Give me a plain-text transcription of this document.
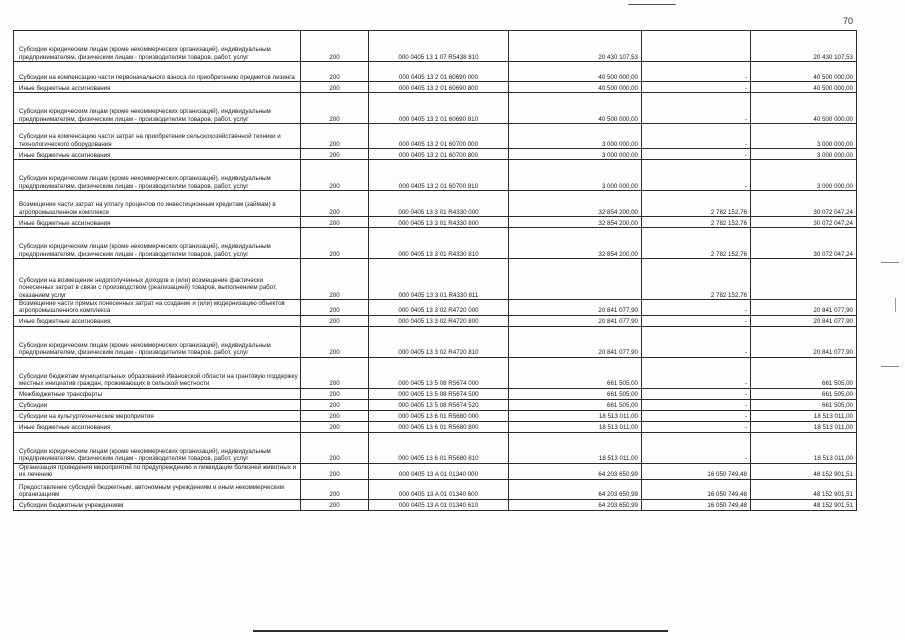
70
Субсидии юридическим лицам (кроме некоммерческих организаций), индивидуальным предпринимателям, физическим лицам - производителям товаров, работ, услуг	200	000 0405 13 1 07 R5438 810	20 430 107,53		20 430 107,53
Субсидии на компенсацию части первоначального взноса по приобретению предметов лизинга	200	000 0405 13 2 01 60690 000	40 500 000,00	-	40 500 000,00
Иные бюджетные ассигнования	200	000 0405 13 2 01 60690 800	40 500 000,00	-	40 500 000,00
Субсидии юридическим лицам (кроме некоммерческих организаций), индивидуальным предпринимателям, физическим лицам - производителям товаров, работ, услуг	200	000 0405 13 2 01 60690 810	40 500 000,00	-	40 500 000,00
Субсидии на компенсацию части затрат на приобретение сельскохозяйственной техники и технологического оборудования	200	000 0405 13 2 01 60700 000	3 000 000,00	-	3 000 000,00
Иные бюджетные ассигнования	200	000 0405 13 2 01 60700 800	3 000 000,00	-	3 000 000,00
Субсидии юридическим лицам (кроме некоммерческих организаций), индивидуальным предпринимателям, физическим лицам - производителям товаров, работ, услуг	200	000 0405 13 2 01 60700 810	3 000 000,00	-	3 000 000,00
Возмещение части затрат на уплату процентов по инвестиционным кредитам (займам) в агропромышленном комплексе	200	000 0405 13 3 01 R4330 000	32 854 200,00	2 782 152,76	30 072 047,24
Иные бюджетные ассигнования	200	000 0405 13 3 01 R4330 800	32 854 200,00	2 782 152,76	30 072 047,24
Субсидии юридическим лицам (кроме некоммерческих организаций), индивидуальным предпринимателям, физическим лицам - производителям товаров, работ, услуг	200	000 0405 13 3 01 R4330 810	32 854 200,00	2 782 152,76	30 072 047,24
Субсидии на возмещение недополученных доходов и (или) возмещение фактически понесенных затрат в связи с производством (реализацией) товаров, выполнением работ, оказанием услуг	200	000 0405 13 3 01 R4330 811		2 782 152,76	
Возмещение части прямых понесенных затрат на создание и (или) модернизацию объектов агропромышленного комплекса	200	000 0405 13 3 02 R4720 000	20 841 077,90	-	20 841 077,90
Иные бюджетные ассигнования	200	000 0405 13 3 02 R4720 800	20 841 077,90	-	20 841 077,90
Субсидии юридическим лицам (кроме некоммерческих организаций), индивидуальным предпринимателям, физическим лицам - производителям товаров, работ, услуг	200	000 0405 13 3 02 R4720 810	20 841 077,90	-	20 841 077,90
Субсидии бюджетам муниципальных образований Ивановской области на грантовую поддержку местных инициатив граждан, проживающих в сельской местности	200	000 0405 13 5 08 R5674 000	661 505,00	-	661 505,00
Межбюджетные трансферты	200	000 0405 13 5 08 R5674 500	661 505,00	-	661 505,00
Субсидии	200	000 0405 13 5 08 R5674 520	661 505,00	-	661 505,00
Субсидии на культуртехнические мероприятия	200	000 0405 13 6 01 R5680 000	18 513 011,00	-	18 513 011,00
Иные бюджетные ассигнования	200	000 0405 13 6 01 R5680 800	18 513 011,00	-	18 513 011,00
Субсидии юридическим лицам (кроме некоммерческих организаций), индивидуальным предпринимателям, физическим лицам - производителям товаров, работ, услуг	200	000 0405 13 6 01 R5680 810	18 513 011,00	-	18 513 011,00
Организация проведения мероприятий по предупреждению и ликвидации болезней животных и их лечению	200	000 0405 13 A 01 01340 000	64 203 650,99	16 050 749,48	48 152 901,51
Предоставление субсидий бюджетным, автономным учреждениям и иным некоммерческим организациям	200	000 0405 13 A 01 01340 600	64 203 650,99	16 050 749,48	48 152 901,51
Субсидии бюджетным учреждениям	200	000 0405 13 A 01 01340 610	64 203 650,99	16 050 749,48	48 152 901,51
